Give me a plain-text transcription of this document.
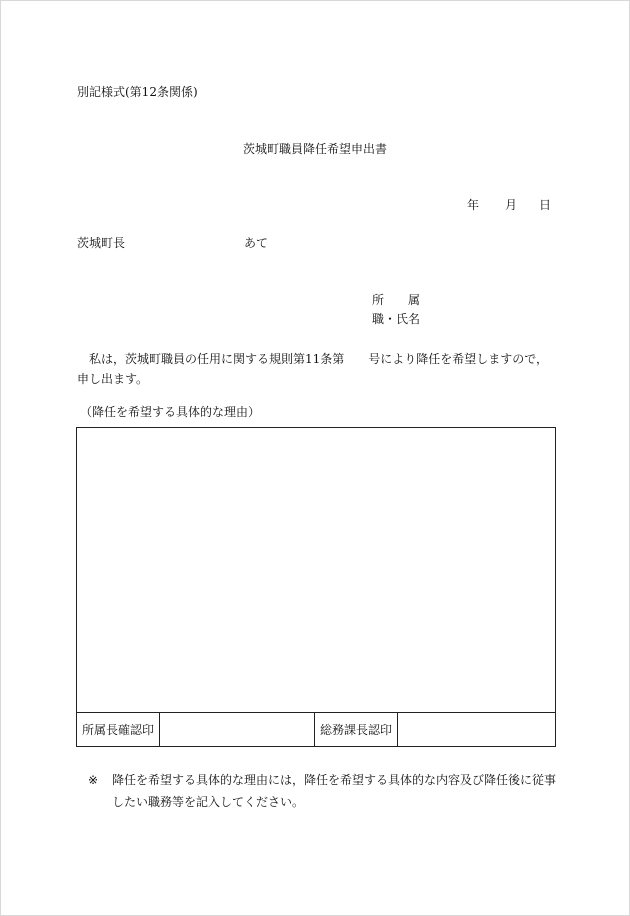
別記様式(第12条関係)
茨城町職員降任希望申出書
年 月 日
茨城町長	あて
所　　属
職・氏名
　私は，茨城町職員の任用に関する規則第11条第　　号により降任を希望しますので，申し出ます。
（降任を希望する具体的な理由）
所属長確認印	総務課長認印
※ 降任を希望する具体的な理由には，降任を希望する具体的な内容及び降任後に従事したい職務等を記入してください。
